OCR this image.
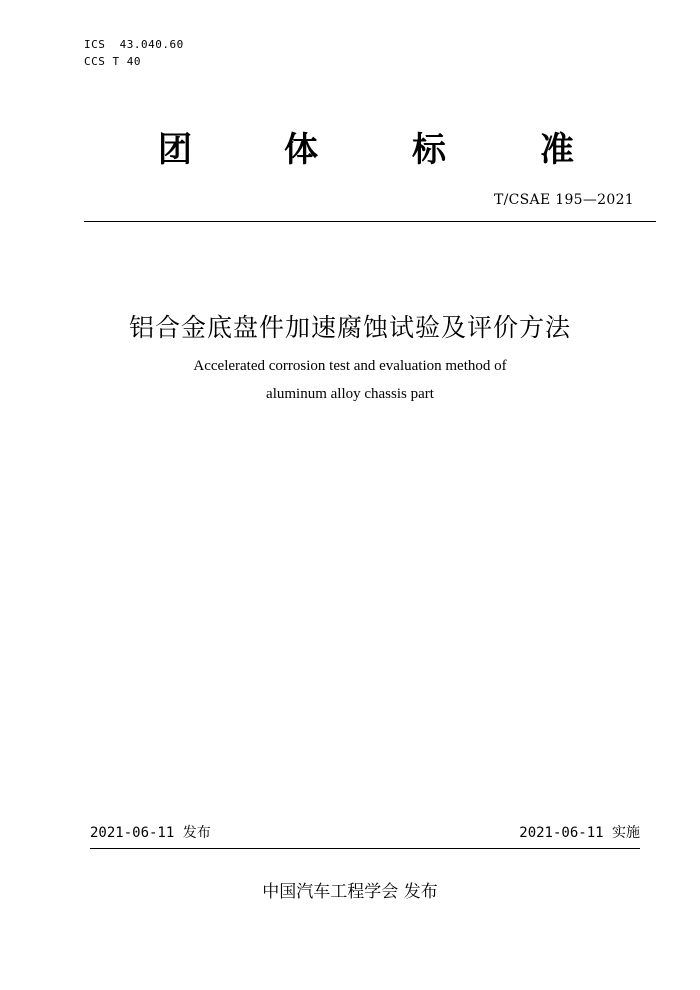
ICS  43.040.60
CCS T 40
团	体	标	准
T/CSAE 195—2021
铝合金底盘件加速腐蚀试验及评价方法
Accelerated corrosion test and evaluation method of
aluminum alloy chassis part
2021-06-11 发布	2021-06-11 实施
中国汽车工程学会 发布
